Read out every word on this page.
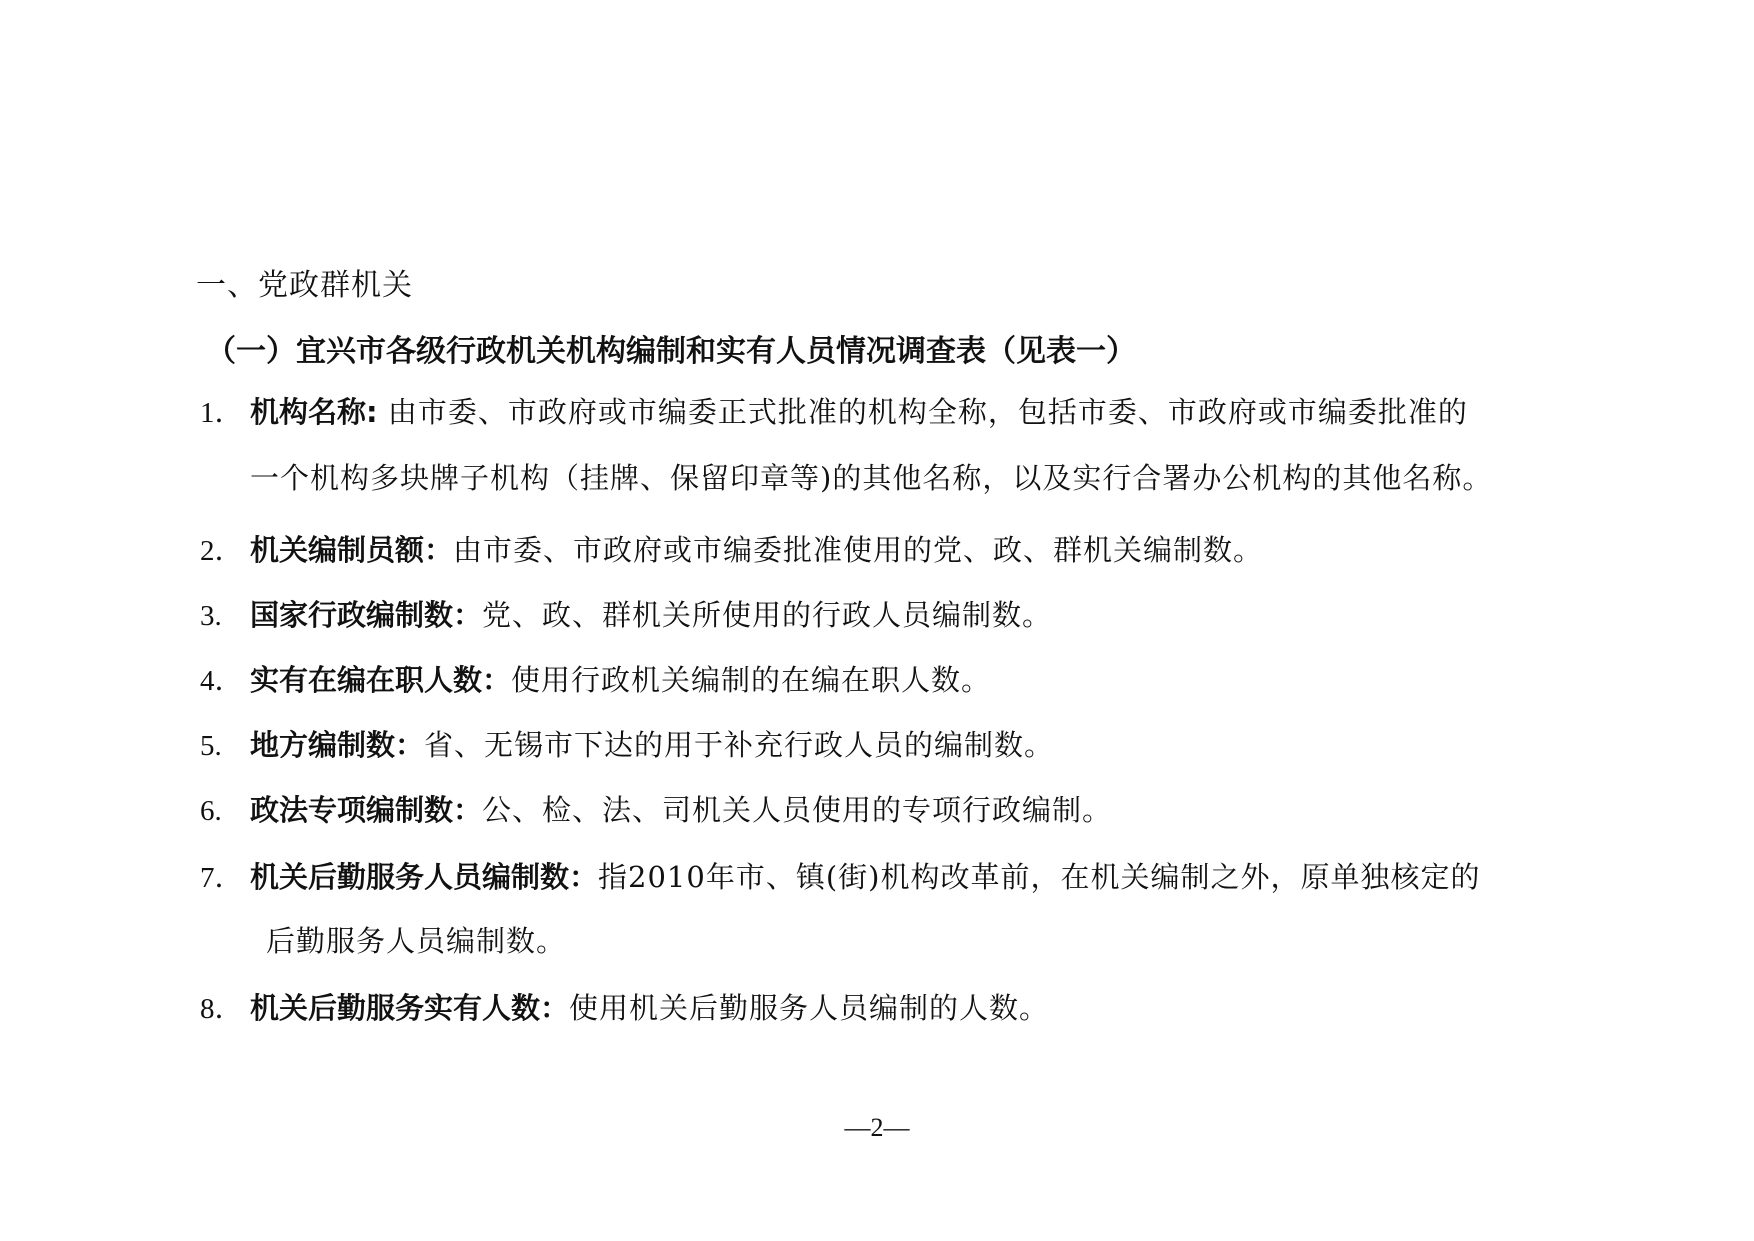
一、党政群机关
（一）宜兴市各级行政机关机构编制和实有人员情况调查表（见表一）
1． 机构名称: 由市委、市政府或市编委正式批准的机构全称，包括市委、市政府或市编委批准的
一个机构多块牌子机构（挂牌、保留印章等)的其他名称，以及实行合署办公机构的其他名称。
2． 机关编制员额：由市委、市政府或市编委批准使用的党、政、群机关编制数。
3. 国家行政编制数：党、政、群机关所使用的行政人员编制数。
4． 实有在编在职人数：使用行政机关编制的在编在职人数。
5. 地方编制数：省、无锡市下达的用于补充行政人员的编制数。
6. 政法专项编制数：公、检、法、司机关人员使用的专项行政编制。
7． 机关后勤服务人员编制数：指2010年市、镇(街)机构改革前，在机关编制之外，原单独核定的
后勤服务人员编制数。
8． 机关后勤服务实有人数：使用机关后勤服务人员编制的人数。
—2—
